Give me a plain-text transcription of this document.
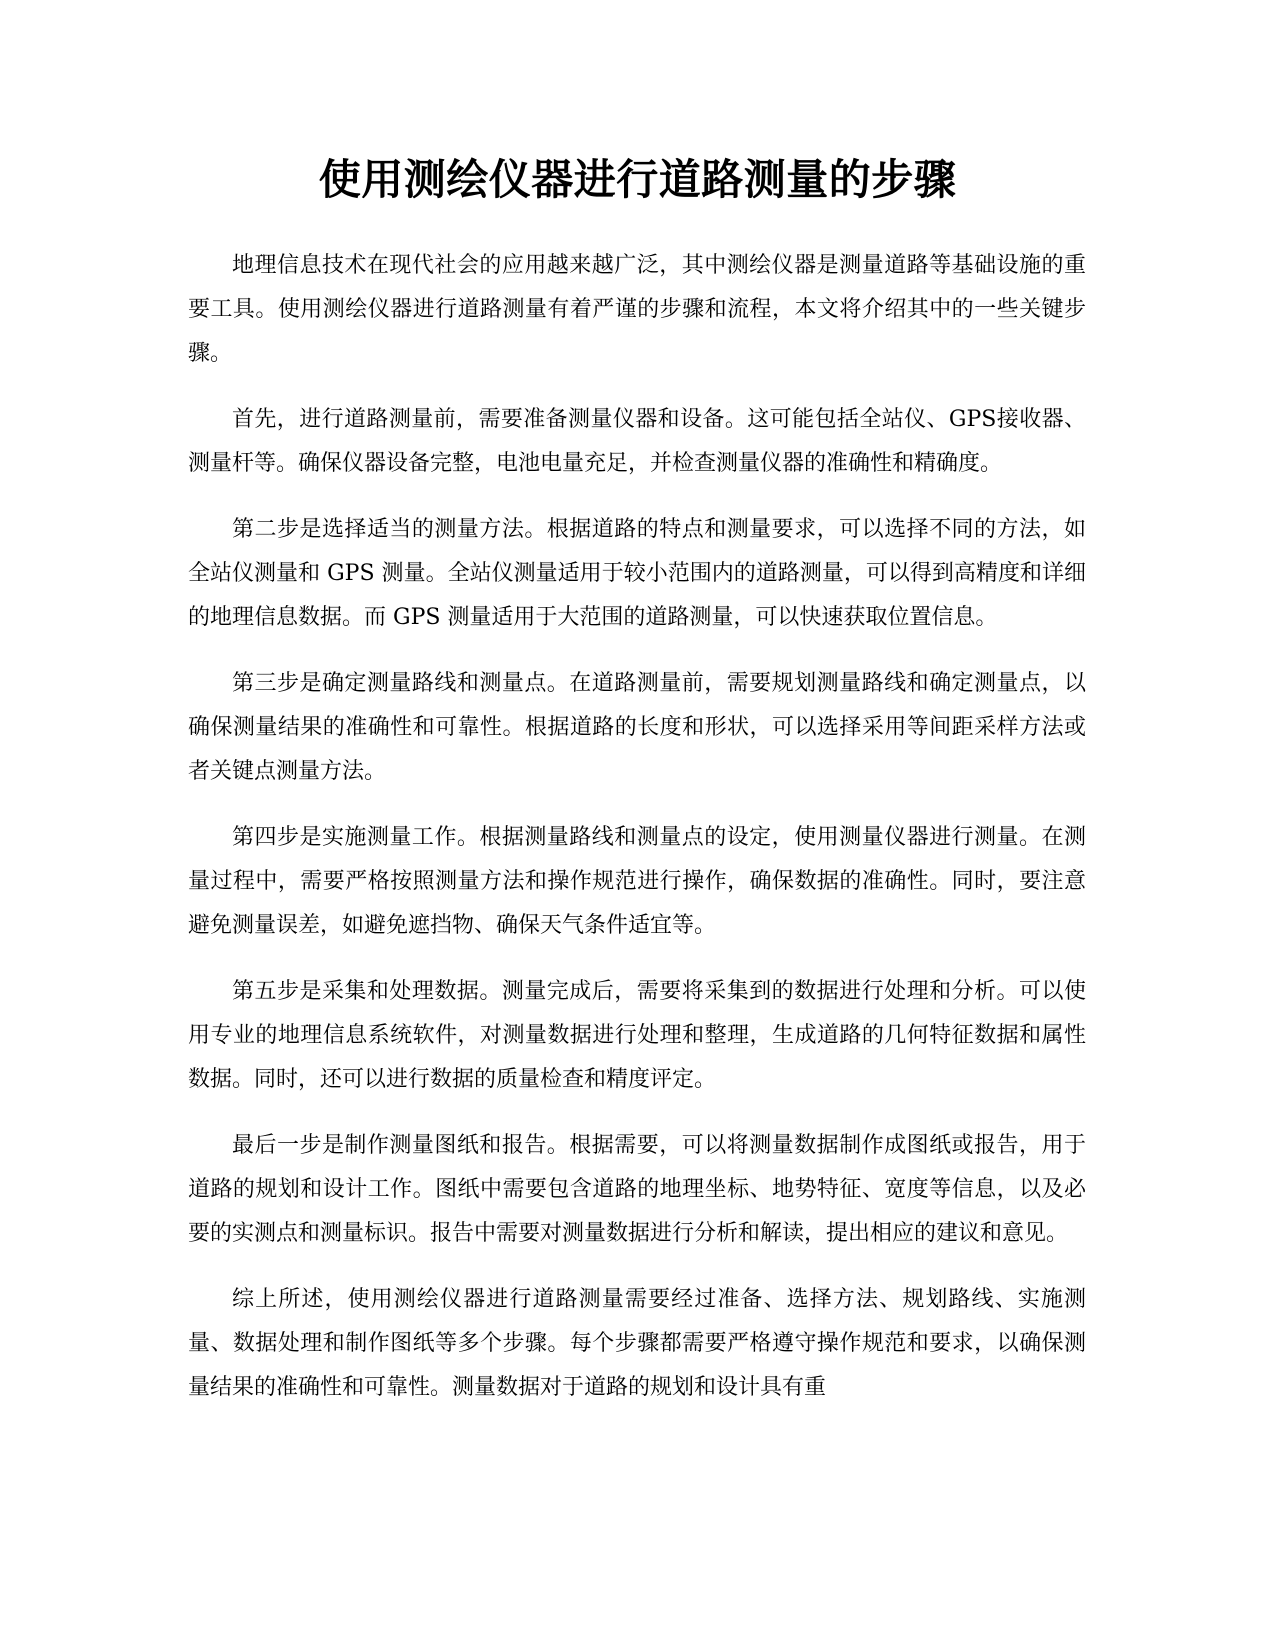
使用测绘仪器进行道路测量的步骤

地理信息技术在现代社会的应用越来越广泛，其中测绘仪器是测量道路等基础设施的重要工具。使用测绘仪器进行道路测量有着严谨的步骤和流程，本文将介绍其中的一些关键步骤。

首先，进行道路测量前，需要准备测量仪器和设备。这可能包括全站仪、GPS接收器、测量杆等。确保仪器设备完整，电池电量充足，并检查测量仪器的准确性和精确度。

第二步是选择适当的测量方法。根据道路的特点和测量要求，可以选择不同的方法，如全站仪测量和 GPS 测量。全站仪测量适用于较小范围内的道路测量，可以得到高精度和详细的地理信息数据。而 GPS 测量适用于大范围的道路测量，可以快速获取位置信息。

第三步是确定测量路线和测量点。在道路测量前，需要规划测量路线和确定测量点，以确保测量结果的准确性和可靠性。根据道路的长度和形状，可以选择采用等间距采样方法或者关键点测量方法。

第四步是实施测量工作。根据测量路线和测量点的设定，使用测量仪器进行测量。在测量过程中，需要严格按照测量方法和操作规范进行操作，确保数据的准确性。同时，要注意避免测量误差，如避免遮挡物、确保天气条件适宜等。

第五步是采集和处理数据。测量完成后，需要将采集到的数据进行处理和分析。可以使用专业的地理信息系统软件，对测量数据进行处理和整理，生成道路的几何特征数据和属性数据。同时，还可以进行数据的质量检查和精度评定。

最后一步是制作测量图纸和报告。根据需要，可以将测量数据制作成图纸或报告，用于道路的规划和设计工作。图纸中需要包含道路的地理坐标、地势特征、宽度等信息，以及必要的实测点和测量标识。报告中需要对测量数据进行分析和解读，提出相应的建议和意见。

综上所述，使用测绘仪器进行道路测量需要经过准备、选择方法、规划路线、实施测量、数据处理和制作图纸等多个步骤。每个步骤都需要严格遵守操作规范和要求，以确保测量结果的准确性和可靠性。测量数据对于道路的规划和设计具有重
